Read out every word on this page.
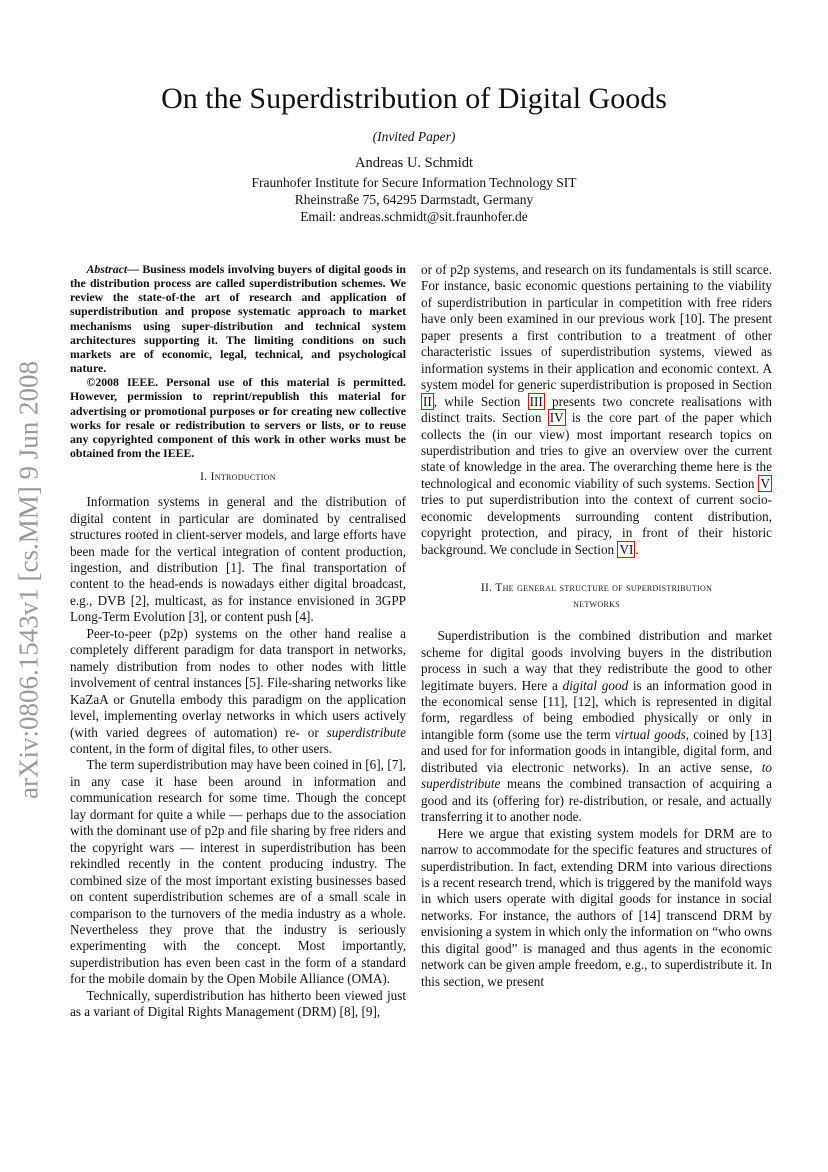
On the Superdistribution of Digital Goods
(Invited Paper)
Andreas U. Schmidt
Fraunhofer Institute for Secure Information Technology SIT
Rheinstraße 75, 64295 Darmstadt, Germany
Email: andreas.schmidt@sit.fraunhofer.de
arXiv:0806.1543v1 [cs.MM] 9 Jun 2008

Abstract— Business models involving buyers of digital goods in the distribution process are called superdistribution schemes. We review the state-of-the art of research and application of superdistribution and propose systematic approach to market mechanisms using super-distribution and technical system architectures supporting it. The limiting conditions on such markets are of economic, legal, technical, and psychological nature.

©2008 IEEE. Personal use of this material is permitted. However, permission to reprint/republish this material for advertising or promotional purposes or for creating new collective works for resale or redistribution to servers or lists, or to reuse any copyrighted component of this work in other works must be obtained from the IEEE.

I. Introduction

Information systems in general and the distribution of digital content in particular are dominated by centralised structures rooted in client-server models, and large efforts have been made for the vertical integration of content production, ingestion, and distribution [1]. The final transportation of content to the head-ends is nowadays either digital broadcast, e.g., DVB [2], multicast, as for instance envisioned in 3GPP Long-Term Evolution [3], or content push [4].

Peer-to-peer (p2p) systems on the other hand realise a completely different paradigm for data transport in networks, namely distribution from nodes to other nodes with little involvement of central instances [5]. File-sharing networks like KaZaA or Gnutella embody this paradigm on the application level, implementing overlay networks in which users actively (with varied degrees of automation) re- or superdistribute content, in the form of digital files, to other users.

The term superdistribution may have been coined in [6], [7], in any case it hase been around in information and communication research for some time. Though the concept lay dormant for quite a while — perhaps due to the association with the dominant use of p2p and file sharing by free riders and the copyright wars — interest in superdistribution has been rekindled recently in the content producing industry. The combined size of the most important existing businesses based on content superdistribution schemes are of a small scale in comparison to the turnovers of the media industry as a whole. Nevertheless they prove that the industry is seriously experimenting with the concept. Most importantly, superdistribution has even been cast in the form of a standard for the mobile domain by the Open Mobile Alliance (OMA).

Technically, superdistribution has hitherto been viewed just as a variant of Digital Rights Management (DRM) [8], [9],

or of p2p systems, and research on its fundamentals is still scarce. For instance, basic economic questions pertaining to the viability of superdistribution in particular in competition with free riders have only been examined in our previous work [10]. The present paper presents a first contribution to a treatment of other characteristic issues of superdistribution systems, viewed as information systems in their application and economic context. A system model for generic superdistribution is proposed in Section II , while Section III presents two concrete realisations with distinct traits. Section IV is the core part of the paper which collects the (in our view) most important research topics on superdistribution and tries to give an overview over the current state of knowledge in the area. The overarching theme here is the technological and economic viability of such systems. Section V tries to put superdistribution into the context of current socio-economic developments surrounding content distribution, copyright protection, and piracy, in front of their historic background. We conclude in Section VI .

II. The general structure of superdistribution
networks

Superdistribution is the combined distribution and market scheme for digital goods involving buyers in the distribution process in such a way that they redistribute the good to other legitimate buyers. Here a digital good is an information good in the economical sense [11], [12], which is represented in digital form, regardless of being embodied physically or only in intangible form (some use the term virtual goods, coined by [13] and used for for information goods in intangible, digital form, and distributed via electronic networks). In an active sense, to superdistribute means the combined transaction of acquiring a good and its (offering for) re-distribution, or resale, and actually transferring it to another node.

Here we argue that existing system models for DRM are to narrow to accommodate for the specific features and structures of superdistribution. In fact, extending DRM into various directions is a recent research trend, which is triggered by the manifold ways in which users operate with digital goods for instance in social networks. For instance, the authors of [14] transcend DRM by envisioning a system in which only the information on “who owns this digital good” is managed and thus agents in the economic network can be given ample freedom, e.g., to superdistribute it. In this section, we present
